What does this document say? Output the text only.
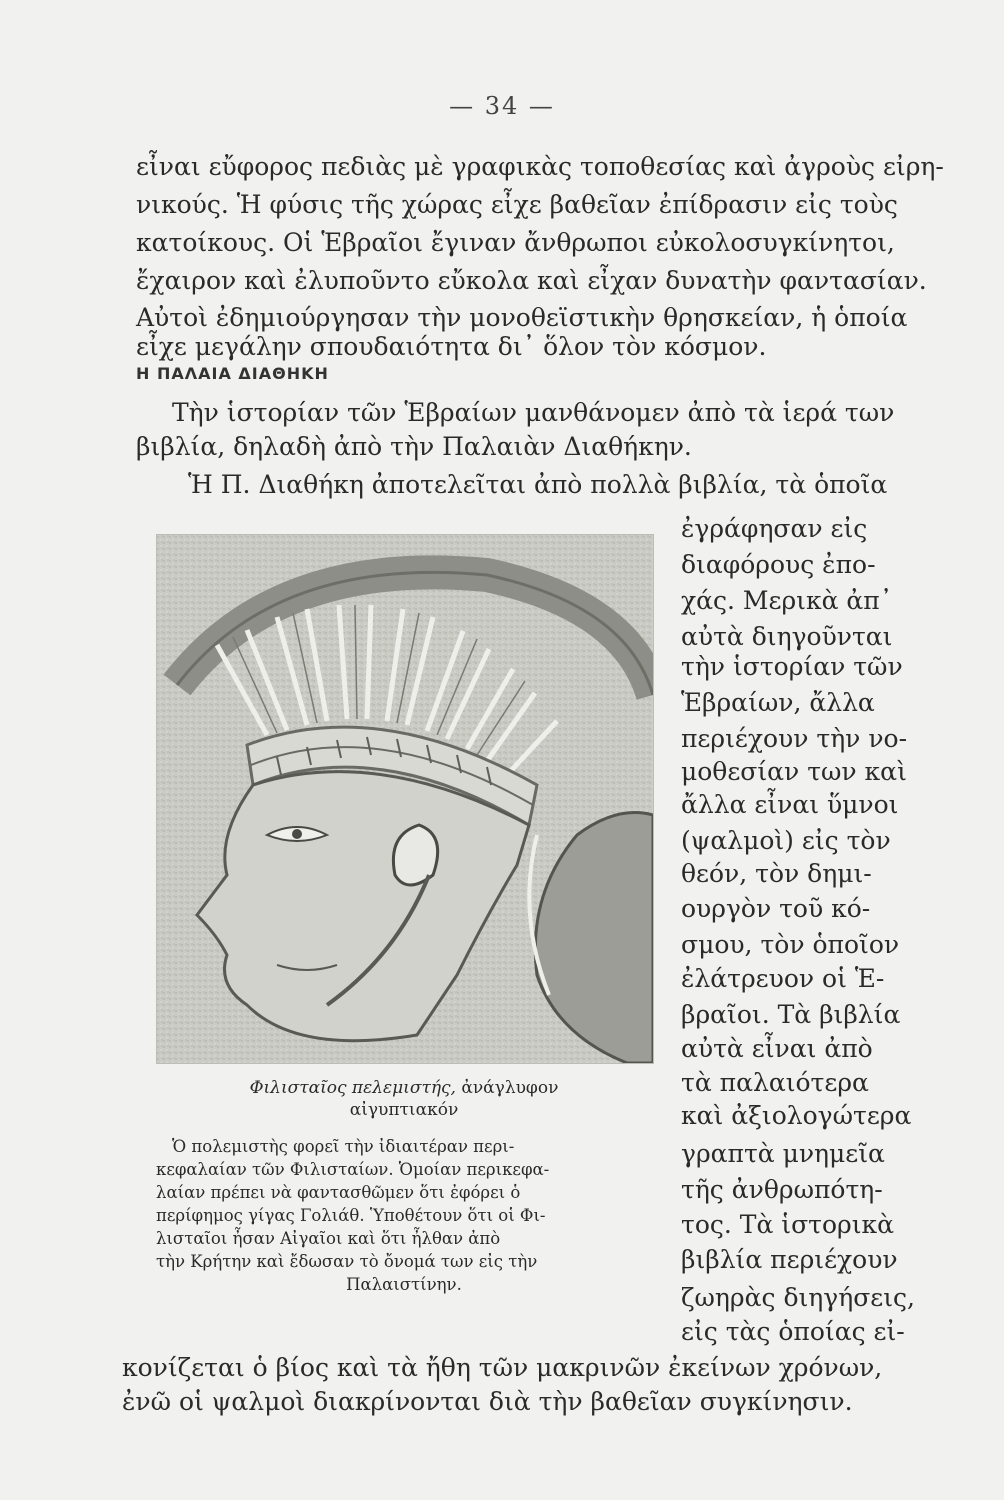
— 34 —
εἶναι εὔφορος πεδιὰς μὲ γραφικὰς τοποθεσίας καὶ ἀγροὺς εἰρη-
νικούς. Ἡ φύσις τῆς χώρας εἶχε βαθεῖαν ἐπίδρασιν εἰς τοὺς
κατοίκους. Οἱ Ἑβραῖοι ἔγιναν ἄνθρωποι εὐκολοσυγκίνητοι,
ἔχαιρον καὶ ἐλυποῦντο εὔκολα καὶ εἶχαν δυνατὴν φαντασίαν.
Αὐτοὶ ἐδημιούργησαν τὴν μονοθεϊστικὴν θρησκείαν, ἡ ὁποία
εἶχε μεγάλην σπουδαιότητα δι᾽ ὅλον τὸν κόσμον.
Η ΠΑΛΑΙΑ ΔΙΑΘΗΚΗ
Τὴν ἱστορίαν τῶν Ἑβραίων μανθάνομεν ἀπὸ τὰ ἱερά των
βιβλία, δηλαδὴ ἀπὸ τὴν Παλαιὰν Διαθήκην.
Ἡ Π. Διαθήκη ἀποτελεῖται ἀπὸ πολλὰ βιβλία, τὰ ὁποῖα
Φιλισταῖος πελεμιστής, ἀνάγλυφον
αἰγυπτιακόν
Ὁ πολεμιστὴς φορεῖ τὴν ἰδιαιτέραν περι-
κεφαλαίαν τῶν Φιλισταίων. Ὁμοίαν περικεφα-
λαίαν πρέπει νὰ φαντασθῶμεν ὅτι ἐφόρει ὁ
περίφημος γίγας Γολιάθ. Ὑποθέτουν ὅτι οἱ Φι-
λισταῖοι ἦσαν Αἰγαῖοι καὶ ὅτι ἦλθαν ἀπὸ
τὴν Κρήτην καὶ ἔδωσαν τὸ ὄνομά των εἰς τὴν
Παλαιστίνην.
ἐγράφησαν εἰς
διαφόρους ἐπο-
χάς. Μερικὰ ἀπ᾽
αὐτὰ διηγοῦνται
τὴν ἱστορίαν τῶν
Ἑβραίων, ἄλλα
περιέχουν τὴν νο-
μοθεσίαν των καὶ
ἄλλα εἶναι ὕμνοι
(ψαλμοὶ) εἰς τὸν
θεόν, τὸν δημι-
ουργὸν τοῦ κό-
σμου, τὸν ὁποῖον
ἐλάτρευον οἱ Ἑ-
βραῖοι. Τὰ βιβλία
αὐτὰ εἶναι ἀπὸ
τὰ παλαιότερα
καὶ ἀξιολογώτερα
γραπτὰ μνημεῖα
τῆς ἀνθρωπότη-
τος. Τὰ ἱστορικὰ
βιβλία περιέχουν
ζωηρὰς διηγήσεις,
εἰς τὰς ὁποίας εἰ-
κονίζεται ὁ βίος καὶ τὰ ἤθη τῶν μακρινῶν ἐκείνων χρόνων,
ἐνῶ οἱ ψαλμοὶ διακρίνονται διὰ τὴν βαθεῖαν συγκίνησιν.
